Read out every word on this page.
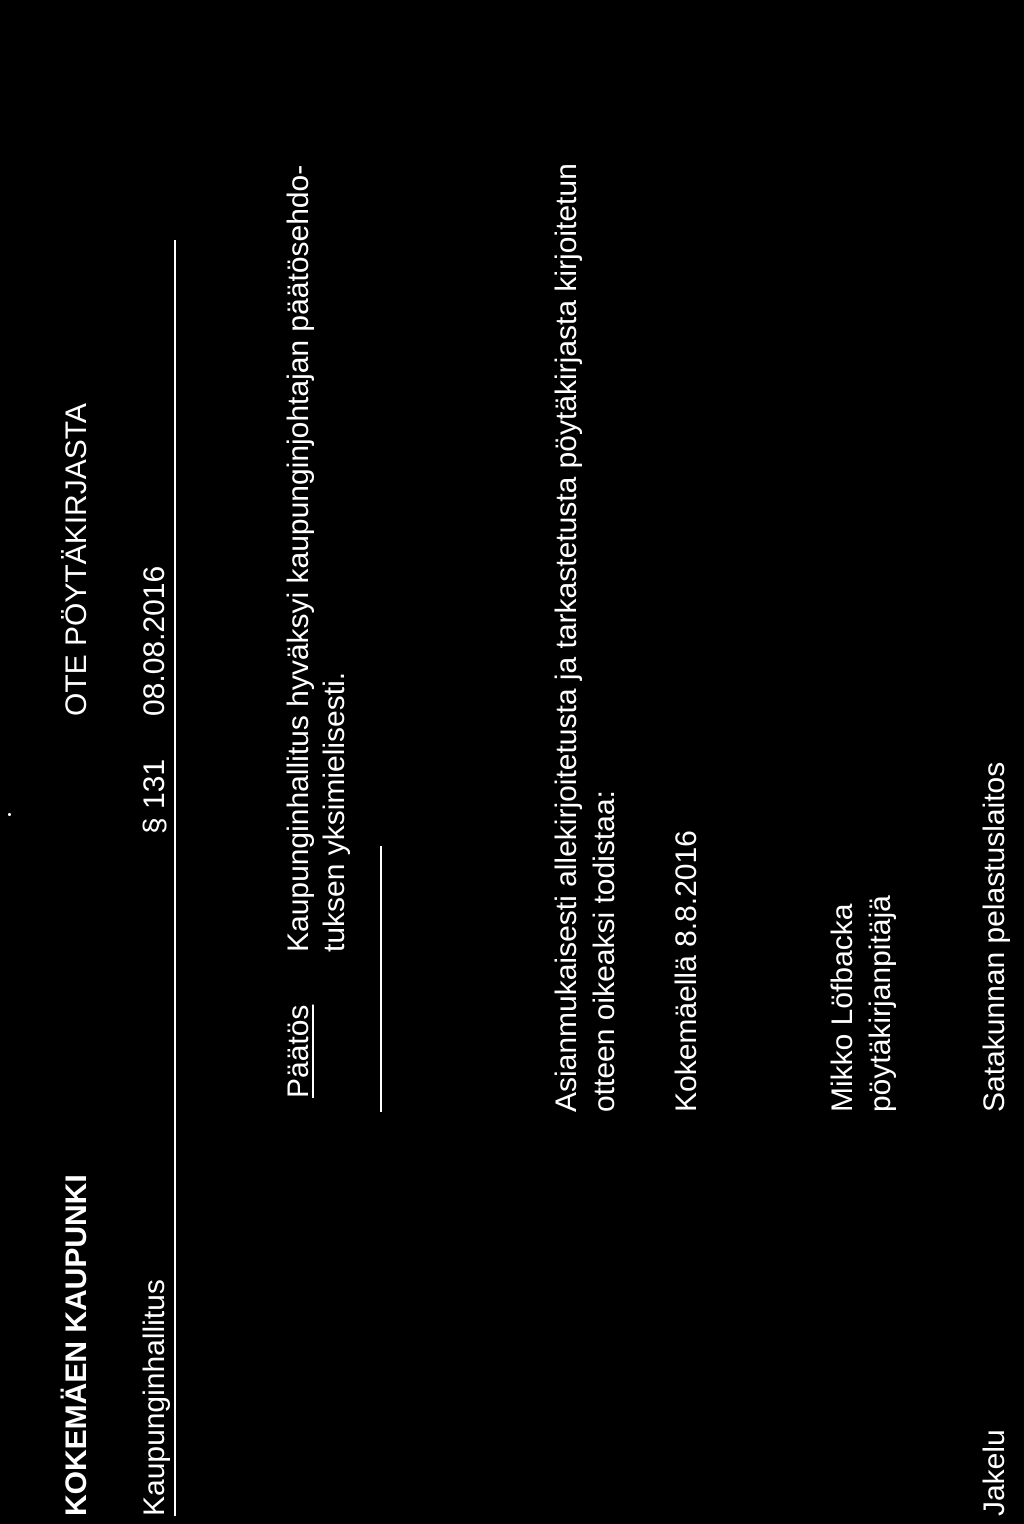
KOKEMÄEN KAUPUNKI
OTE PÖYTÄKIRJASTA
Kaupunginhallitus
§ 131
08.08.2016
Päätös
Kaupunginhallitus hyväksyi kaupunginjohtajan päätösehdo- tuksen yksimielisesti.	Asianmukaisesti allekirjoitetusta ja tarkastetusta pöytäkirjasta kirjoitetun otteen oikeaksi todistaa: Kokemäellä 8.8.2016	Mikko Löfbacka pöytäkirjanpitäjä
Jakelu
Satakunnan pelastuslaitos
